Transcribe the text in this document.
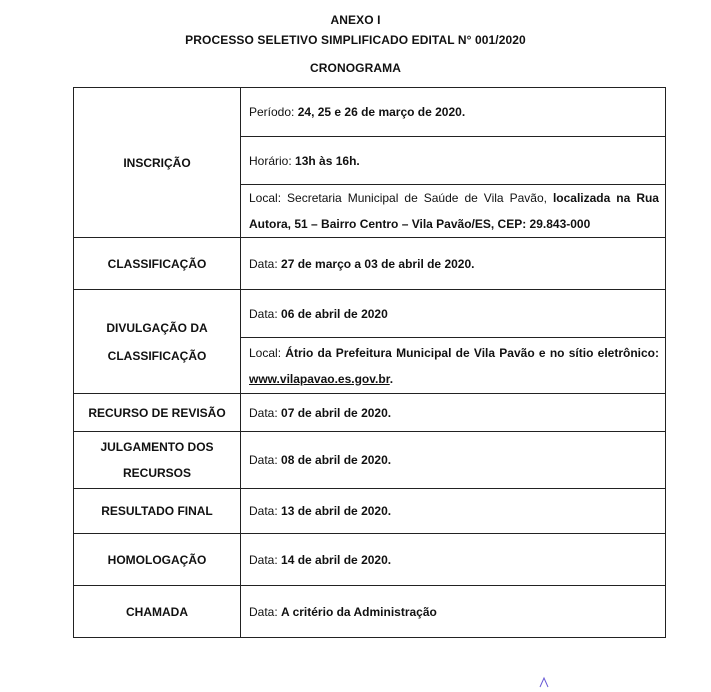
ANEXO I
PROCESSO SELETIVO SIMPLIFICADO EDITAL N° 001/2020
CRONOGRAMA
INSCRIÇÃO	Período: 24, 25 e 26 de março de 2020.
	Horário: 13h às 16h.
	Local: Secretaria Municipal de Saúde de Vila Pavão, localizada na Rua Autora, 51 – Bairro Centro – Vila Pavão/ES, CEP: 29.843-000
CLASSIFICAÇÃO	Data: 27 de março a 03 de abril de 2020.
DIVULGAÇÃO DA
CLASSIFICAÇÃO	Data: 06 de abril de 2020
	Local: Átrio da Prefeitura Municipal de Vila Pavão e no sítio eletrônico: www.vilapavao.es.gov.br.
RECURSO DE REVISÃO	Data: 07 de abril de 2020.
JULGAMENTO DOS
RECURSOS	Data: 08 de abril de 2020.
RESULTADO FINAL	Data: 13 de abril de 2020.
HOMOLOGAÇÃO	Data: 14 de abril de 2020.
CHAMADA	Data: A critério da Administração
